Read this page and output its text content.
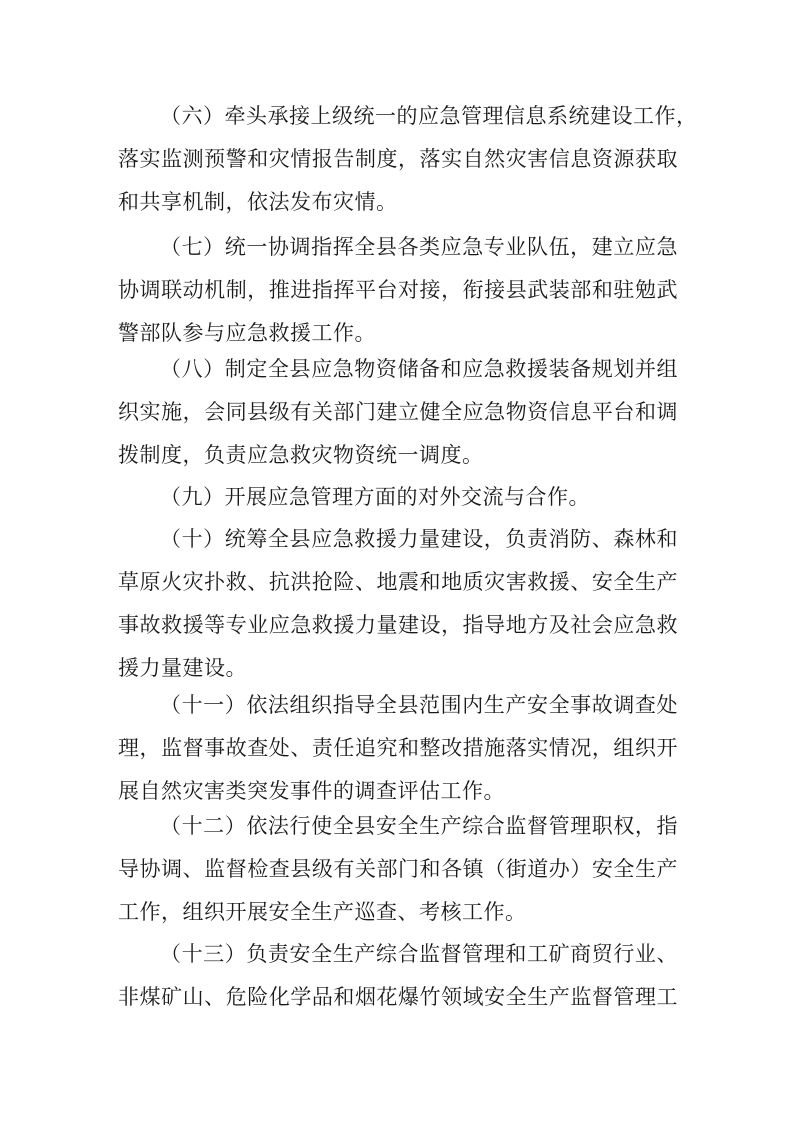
（六）牵头承接上级统一的应急管理信息系统建设工作，
落实监测预警和灾情报告制度，落实自然灾害信息资源获取
和共享机制，依法发布灾情。
（七）统一协调指挥全县各类应急专业队伍，建立应急
协调联动机制，推进指挥平台对接，衔接县武装部和驻勉武
警部队参与应急救援工作。
（八）制定全县应急物资储备和应急救援装备规划并组
织实施，会同县级有关部门建立健全应急物资信息平台和调
拨制度，负责应急救灾物资统一调度。
（九）开展应急管理方面的对外交流与合作。
（十）统筹全县应急救援力量建设，负责消防、森林和
草原火灾扑救、抗洪抢险、地震和地质灾害救援、安全生产
事故救援等专业应急救援力量建设，指导地方及社会应急救
援力量建设。
（十一）依法组织指导全县范围内生产安全事故调查处
理，监督事故查处、责任追究和整改措施落实情况，组织开
展自然灾害类突发事件的调查评估工作。
（十二）依法行使全县安全生产综合监督管理职权，指
导协调、监督检查县级有关部门和各镇（街道办）安全生产
工作，组织开展安全生产巡查、考核工作。
（十三）负责安全生产综合监督管理和工矿商贸行业、
非煤矿山、危险化学品和烟花爆竹领域安全生产监督管理工
